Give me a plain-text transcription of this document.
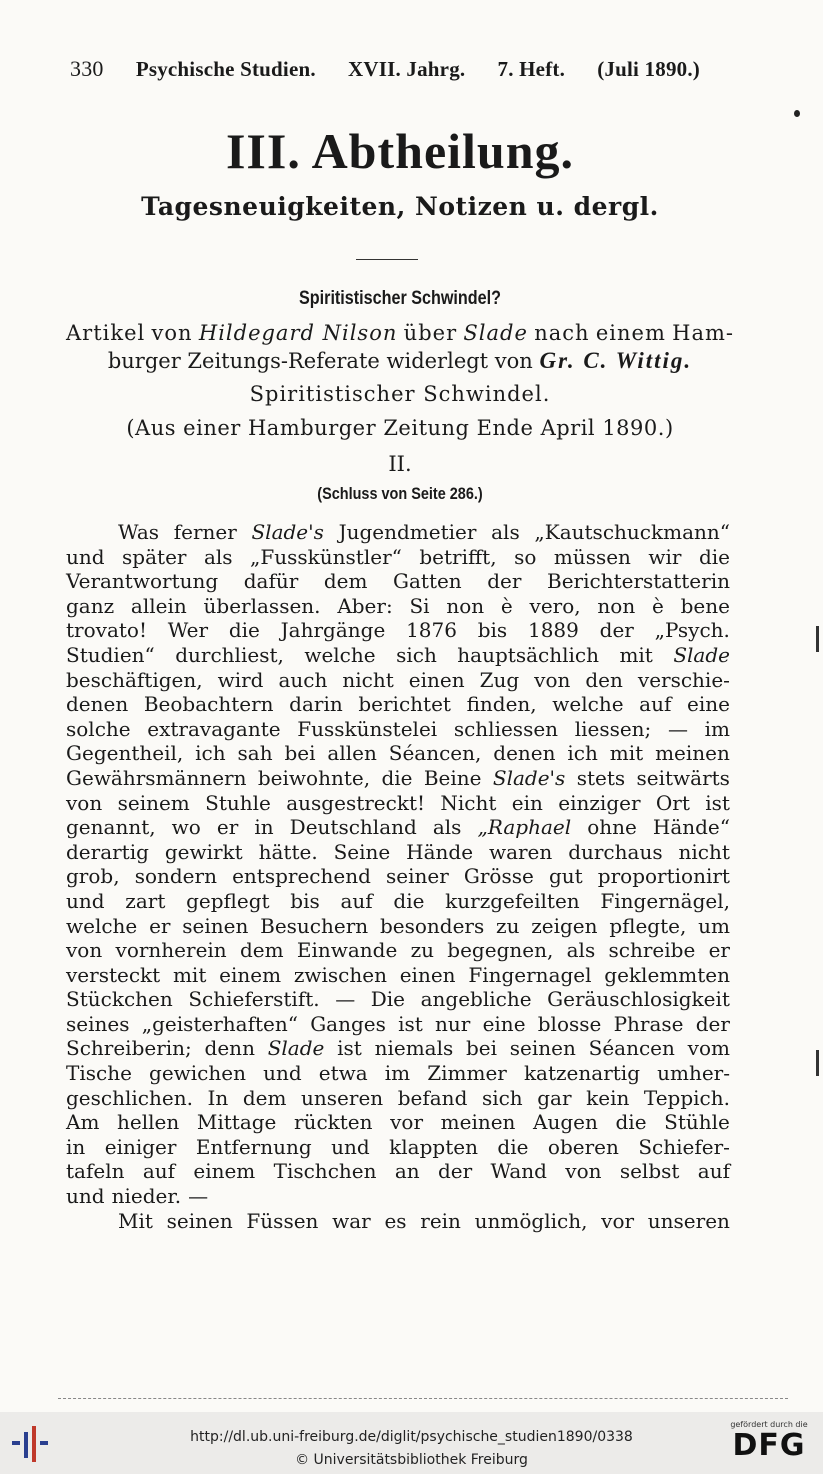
330 Psychische Studien. XVII. Jahrg. 7. Heft. (Juli 1890.)
III. Abtheilung.
Tagesneuigkeiten, Notizen u. dergl.
Spiritistischer Schwindel?
Artikel von Hildegard Nilson über Slade nach einem Ham-
burger Zeitungs-Referate widerlegt von Gr. C. Wittig.
Spiritistischer Schwindel.
(Aus einer Hamburger Zeitung Ende April 1890.)
II.
(Schluss von Seite 286.)
Was ferner Slade's Jugendmetier als „Kautschuckmann“
und später als „Fusskünstler“ betrifft, so müssen wir die
Verantwortung dafür dem Gatten der Berichterstatterin
ganz allein überlassen. Aber: Si non è vero, non è bene
trovato! Wer die Jahrgänge 1876 bis 1889 der „Psych.
Studien“ durchliest, welche sich hauptsächlich mit Slade
beschäftigen, wird auch nicht einen Zug von den verschie-
denen Beobachtern darin berichtet finden, welche auf eine
solche extravagante Fusskünstelei schliessen liessen; — im
Gegentheil, ich sah bei allen Séancen, denen ich mit meinen
Gewährsmännern beiwohnte, die Beine Slade's stets seitwärts
von seinem Stuhle ausgestreckt! Nicht ein einziger Ort ist
genannt, wo er in Deutschland als „Raphael ohne Hände“
derartig gewirkt hätte. Seine Hände waren durchaus nicht
grob, sondern entsprechend seiner Grösse gut proportionirt
und zart gepflegt bis auf die kurzgefeilten Fingernägel,
welche er seinen Besuchern besonders zu zeigen pflegte, um
von vornherein dem Einwande zu begegnen, als schreibe er
versteckt mit einem zwischen einen Fingernagel geklemmten
Stückchen Schieferstift. — Die angebliche Geräuschlosigkeit
seines „geisterhaften“ Ganges ist nur eine blosse Phrase der
Schreiberin; denn Slade ist niemals bei seinen Séancen vom
Tische gewichen und etwa im Zimmer katzenartig umher-
geschlichen. In dem unseren befand sich gar kein Teppich.
Am hellen Mittage rückten vor meinen Augen die Stühle
in einiger Entfernung und klappten die oberen Schiefer-
tafeln auf einem Tischchen an der Wand von selbst auf
und nieder. —
Mit seinen Füssen war es rein unmöglich, vor unseren
http://dl.ub.uni-freiburg.de/diglit/psychische_studien1890/0338
© Universitätsbibliothek Freiburg
gefördert durch die
DFG
